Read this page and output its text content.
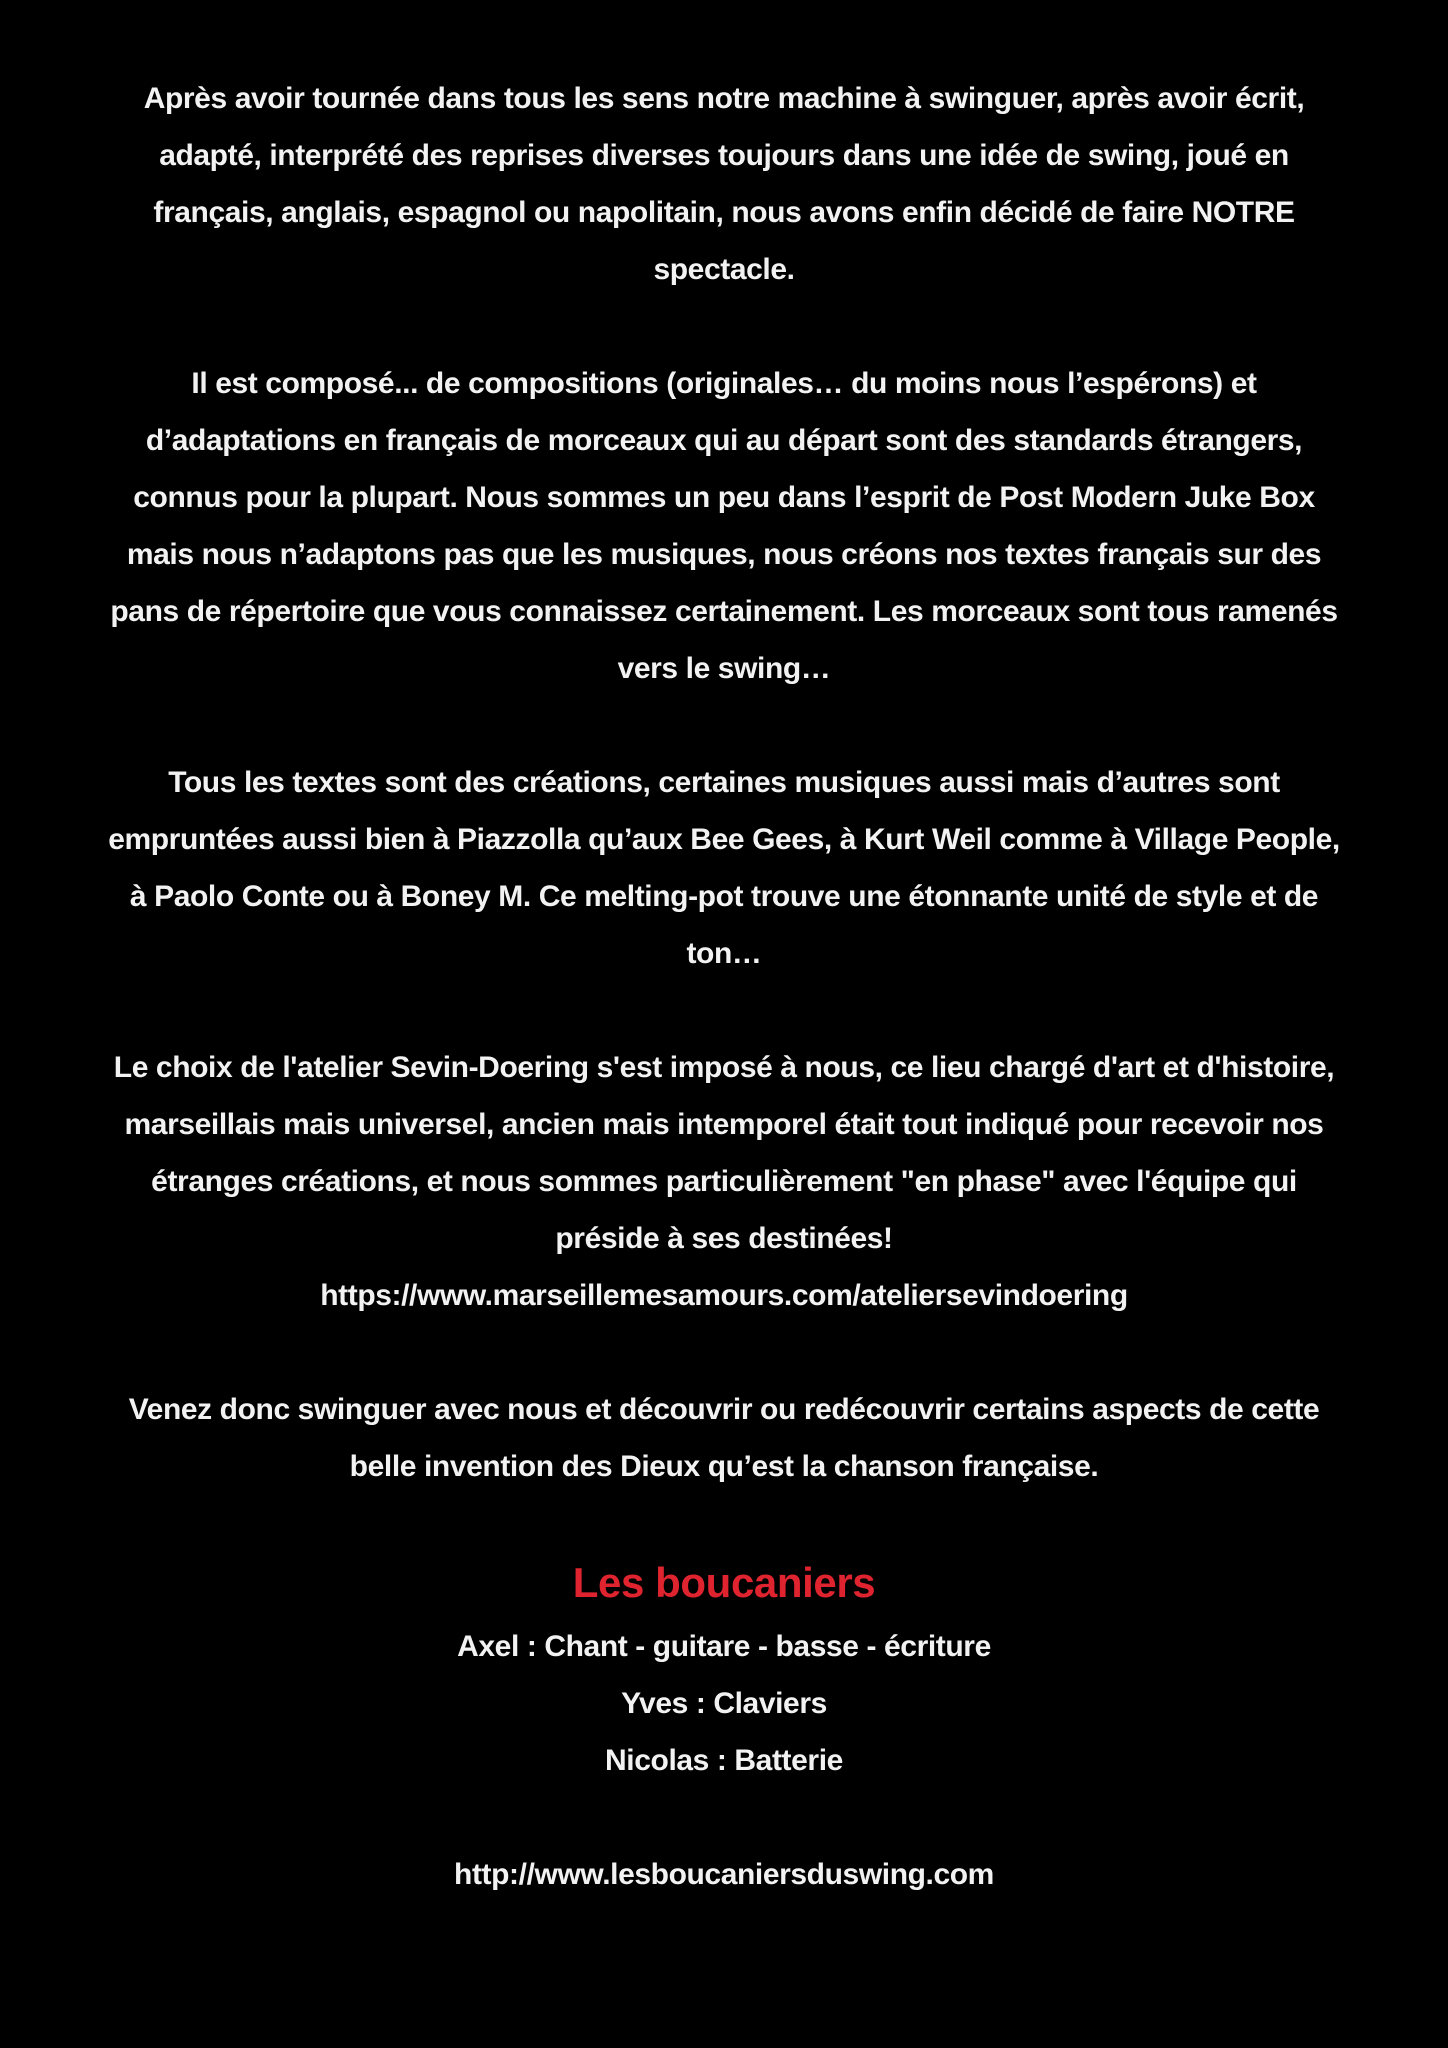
Après avoir tournée dans tous les sens notre machine à swinguer, après avoir écrit, adapté, interprété des reprises diverses toujours dans une idée de swing, joué en français, anglais, espagnol ou napolitain, nous avons enfin décidé de faire NOTRE spectacle.

Il est composé... de compositions (originales… du moins nous l’espérons) et d’adaptations en français de morceaux qui au départ sont des standards étrangers, connus pour la plupart. Nous sommes un peu dans l’esprit de Post Modern Juke Box mais nous n’adaptons pas que les musiques, nous créons nos textes français sur des pans de répertoire que vous connaissez certainement. Les morceaux sont tous ramenés vers le swing…

Tous les textes sont des créations, certaines musiques aussi mais d’autres sont empruntées aussi bien à Piazzolla qu’aux Bee Gees, à Kurt Weil comme à Village People, à Paolo Conte ou à Boney M. Ce melting-pot trouve une étonnante unité de style et de ton…

Le choix de l'atelier Sevin-Doering s'est imposé à nous, ce lieu chargé d'art et d'histoire, marseillais mais universel, ancien mais intemporel était tout indiqué pour recevoir nos étranges créations, et nous sommes particulièrement "en phase" avec l'équipe qui préside à ses destinées!

https://www.marseillemesamours.com/ateliersevindoering

Venez donc swinguer avec nous et découvrir ou redécouvrir certains aspects de cette belle invention des Dieux qu’est la chanson française.

Les boucaniers

Axel : Chant - guitare - basse - écriture

Yves : Claviers

Nicolas : Batterie

http://www.lesboucaniersduswing.com
